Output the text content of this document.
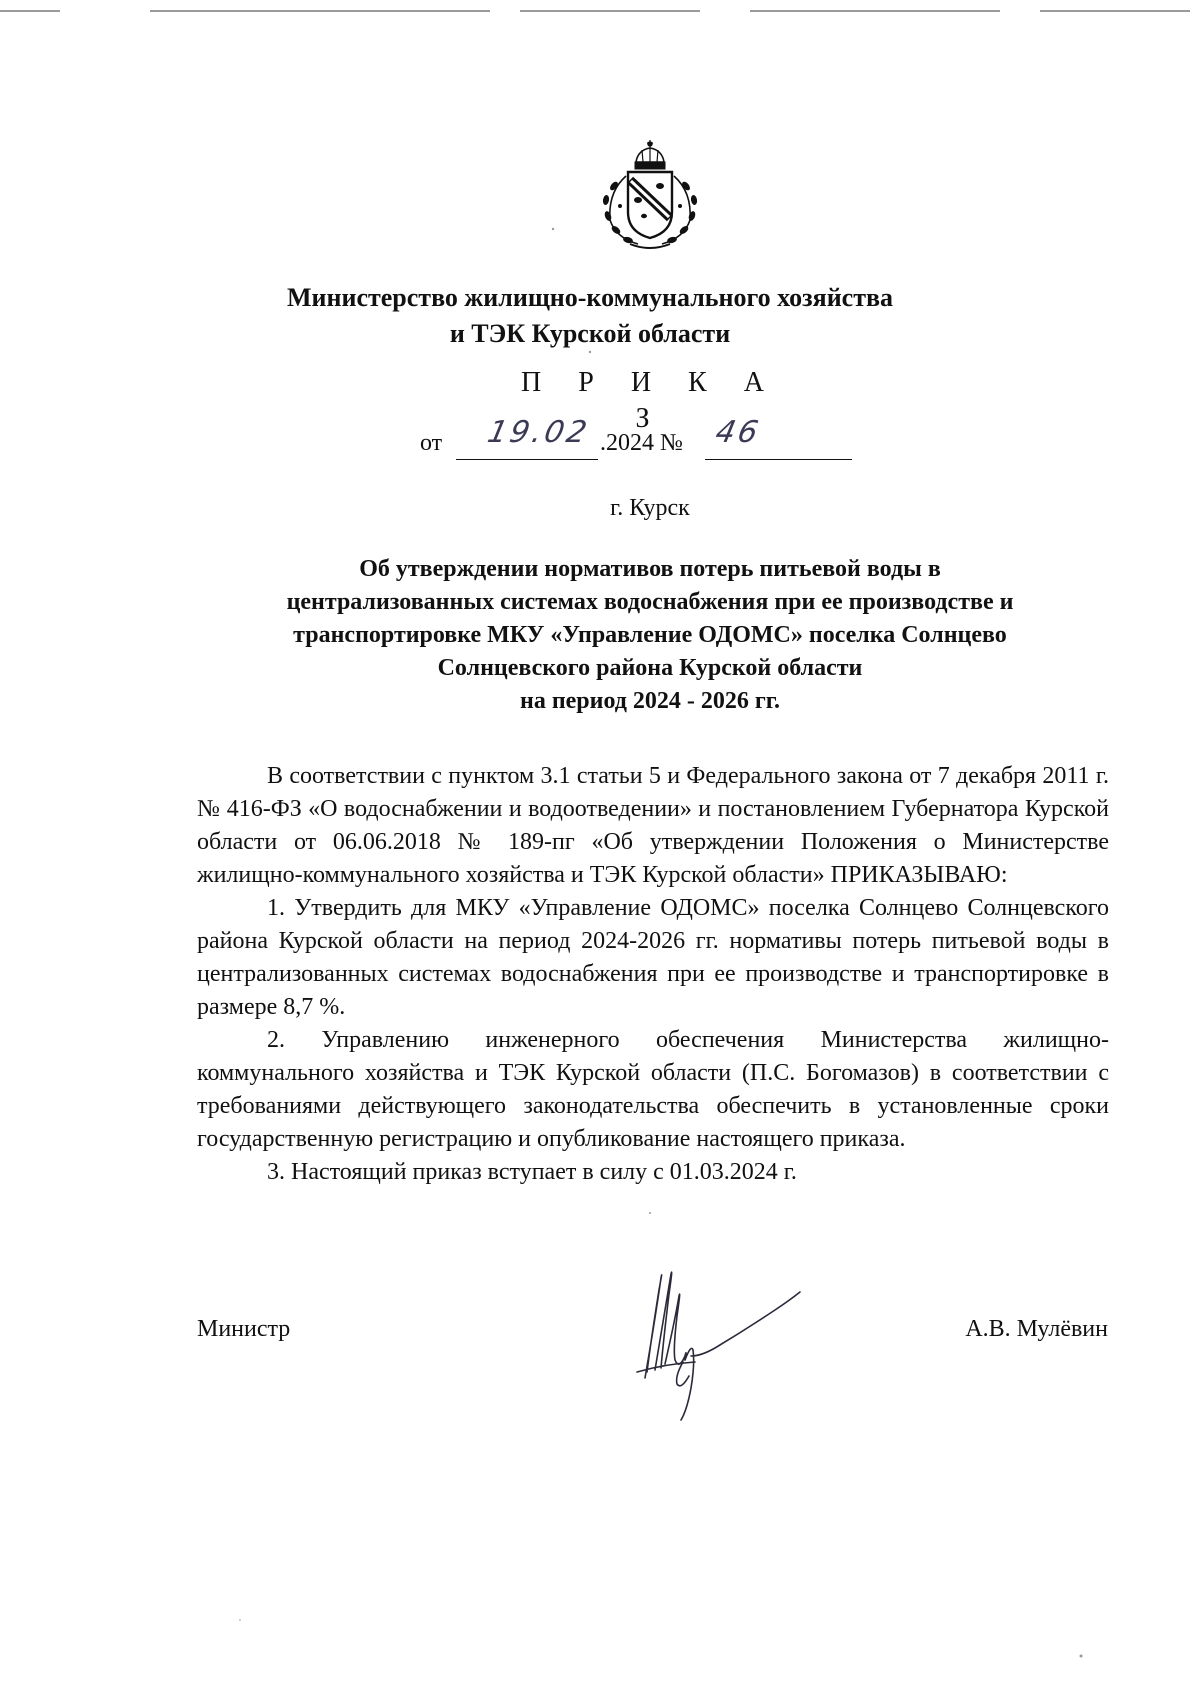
Министерство жилищно-коммунального хозяйства
и ТЭК Курской области
П Р И К А З
от 19.02 .2024 № 46
г. Курск
Об утверждении нормативов потерь питьевой воды в
централизованных системах водоснабжения при ее производстве и
транспортировке МКУ «Управление ОДОМС» поселка Солнцево
Солнцевского района Курской области
на период 2024 - 2026 гг.

В соответствии с пунктом 3.1 статьи 5 и Федерального закона от 7 декабря 2011 г. № 416-ФЗ «О водоснабжении и водоотведении» и постановлением Губернатора Курской области от 06.06.2018 № 189-пг «Об утверждении Положения о Министерстве жилищно-коммунального хозяйства и ТЭК Курской области» ПРИКАЗЫВАЮ:

1. Утвердить для МКУ «Управление ОДОМС» поселка Солнцево Солнцевского района Курской области на период 2024-2026 гг. нормативы потерь питьевой воды в централизованных системах водоснабжения при ее производстве и транспортировке в размере 8,7 %.

2. Управлению инженерного обеспечения Министерства жилищно-коммунального хозяйства и ТЭК Курской области (П.С. Богомазов) в соответствии с требованиями действующего законодательства обеспечить в установленные сроки государственную регистрацию и опубликование настоящего приказа.

3. Настоящий приказ вступает в силу с 01.03.2024 г.

Министр	А.В. Мулёвин
